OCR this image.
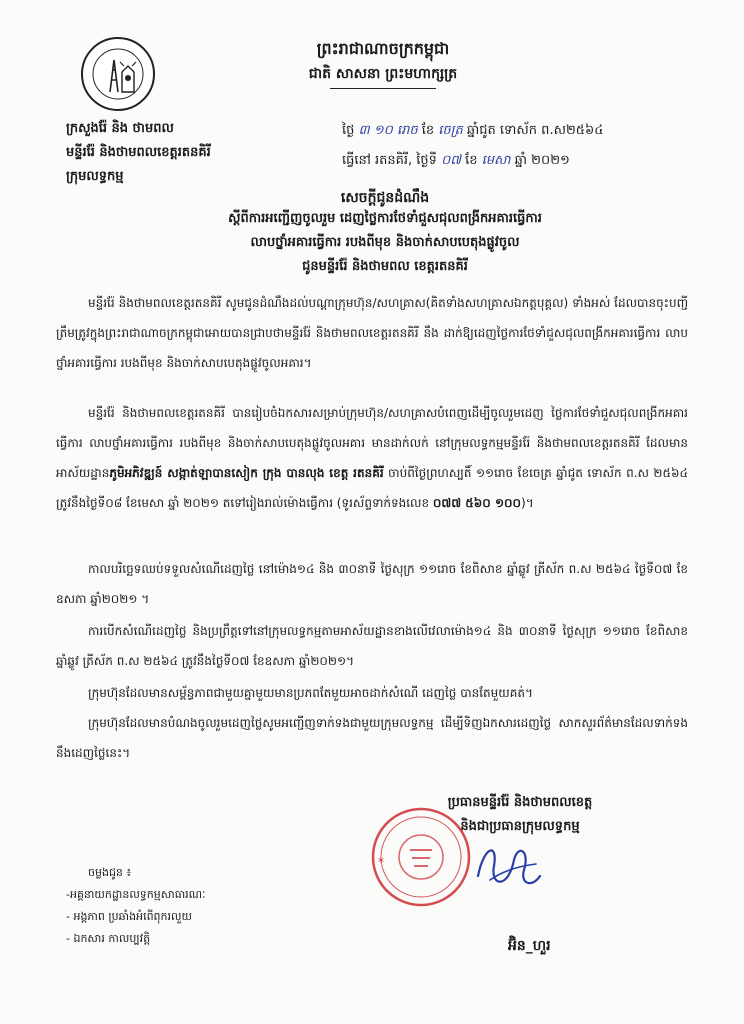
ព្រះរាជាណាចក្រកម្ពុជា
ជាតិ សាសនា ព្រះមហាក្សត្រ
ក្រសួងរ៉ែ និង ថាមពល
មន្ទីររ៉ែ និងថាមពលខេត្តរតនគិរី
ក្រុមលទ្ធកម្ម
ថ្ងៃ ៣ ១០ រោច ខែ ចេត្រ ឆ្នាំជូត ទោស័ក ព.ស២៥៦៤
ធ្វើនៅ រតនគិរី, ថ្ងៃទី ០៧ ខែ មេសា ឆ្នាំ ២០២១
សេចក្តីជូនដំណឹង
ស្តីពីការអញ្ជើញចូលរួម ដេញថ្លៃការថែទាំជួសជុលពង្រីកអគារធ្វើការ
លាបថ្នាំអគារធ្វើការ របងពីមុខ និងចាក់សាបបេតុងផ្លូវចូល
ជូនមន្ទីររ៉ែ និងថាមពល ខេត្តរតនគិរី
មន្ទីររ៉ែ និងថាមពលខេត្តរតនគិរី សូមជូនដំណឹងដល់បណ្តាក្រុមហ៊ុន/សហគ្រាស(គិតទាំងសហគ្រាសឯកត្តបុគ្គល) ទាំងអស់ ដែលបានចុះបញ្ជីត្រឹមត្រូវក្នុងព្រះរាជាណាចក្រកម្ពុជាអោយបានជ្រាបថាមន្ទីររ៉ែ និងថាមពលខេត្តរតនគិរី នឹង ដាក់ឱ្យដេញថ្លៃការថែទាំជួសជុលពង្រីកអគារធ្វើការ លាបថ្នាំអគារធ្វើការ របងពីមុខ និងចាក់សាបបេតុងផ្លូវចូលអគារ។
មន្ទីររ៉ែ និងថាមពលខេត្តរតនគិរី បានរៀបចំឯកសារសម្រាប់ក្រុមហ៊ុន/សហគ្រាសបំពេញដើម្បីចូលរួមដេញ ថ្លៃការថែទាំជួសជុលពង្រីកអគារធ្វើការ លាបថ្នាំអគារធ្វើការ របងពីមុខ និងចាក់សាបបេតុងផ្លូវចូលអគារ មានដាក់លក់ នៅក្រុមលទ្ធកម្មមន្ទីររ៉ែ និងថាមពលខេត្តរតនគិរី ដែលមានអាស័យដ្ឋានភូមិអភិវឌ្ឍន៍ សង្កាត់ឡាបានសៀក ក្រុង បានលុង ខេត្ត រតនគិរី ចាប់ពីថ្ងៃព្រហស្បតិ៍ ១១រោច ខែចេត្រ ឆ្នាំជូត ទោស័ក ព.ស ២៥៦៤ ត្រូវនឹងថ្ងៃទី០៨ ខែមេសា ឆ្នាំ ២០២១ តទៅរៀងរាល់ម៉ោងធ្វើការ (ទូរស័ព្ទទាក់ទងលេខ ០៧៧ ៥៦០ ១០០)។
កាលបរិច្ឆេទឈប់ទទួលសំណើដេញថ្លៃ នៅម៉ោង១៤ និង ៣០នាទី ថ្ងៃសុក្រ ១១រោច ខែពិសាខ ឆ្នាំឆ្លូវ ត្រីស័ក ព.ស ២៥៦៤ ថ្ងៃទី០៧ ខែឧសភា ឆ្នាំ២០២១ ។
ការបើកសំណើដេញថ្លៃ និងប្រព្រឹត្តទៅនៅក្រុមលទ្ធកម្មតាមអាស័យដ្ឋានខាងលើវេលាម៉ោង១៤ និង ៣០នាទី ថ្ងៃសុក្រ ១១រោច ខែពិសាខ ឆ្នាំឆ្លូវ ត្រីស័ក ព.ស ២៥៦៤ ត្រូវនឹងថ្ងៃទី០៧ ខែឧសភា ឆ្នាំ២០២១។
ក្រុមហ៊ុនដែលមានសម្ព័ន្ធភាពជាមួយគ្នាមួយមានប្រភពតែមួយអាចដាក់សំណើ ដេញថ្លៃ បានតែមួយគត់។
ក្រុមហ៊ុនដែលមានបំណងចូលរួមដេញថ្លៃសូមអញ្ជើញទាក់ទងជាមួយក្រុមលទ្ធកម្ម ដើម្បីទិញឯកសារដេញថ្លៃ សាកសួរព័ត៌មានដែលទាក់ទង នឹងដេញថ្លៃនេះ។
ប្រធានមន្ទីររ៉ែ និងថាមពលខេត្ត
និងជាប្រធានក្រុមលទ្ធកម្ម
*
អ៊ិន_ហួរ
ចម្លងជូន ៖
-អគ្គនាយកដ្ឋានលទ្ធកម្មសាធារណៈ
- អង្គភាព ប្រឆាំងអំពើពុករលួយ
- ឯកសារ កាលប្បវត្តិ
